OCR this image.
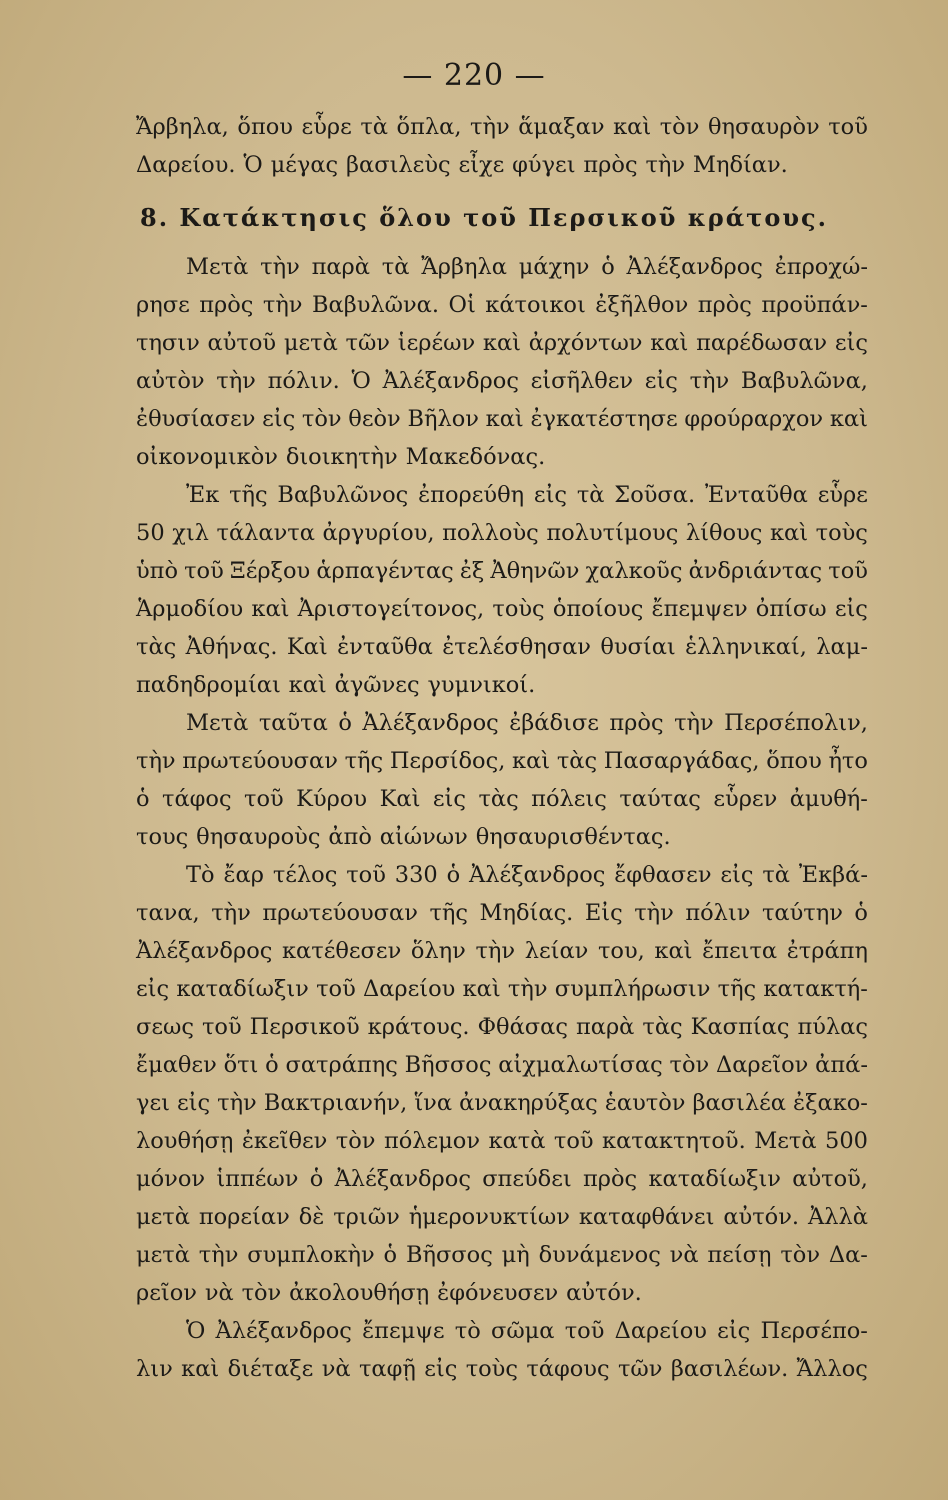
— 220 —
Ἄρβηλα, ὅπου εὗρε τὰ ὅπλα, τὴν ἅμαξαν καὶ τὸν θησαυρὸν τοῦ
Δαρείου. Ὁ μέγας βασιλεὺς εἶχε φύγει πρὸς τὴν Μηδίαν.
8. Κατάκτησις ὅλου τοῦ Περσικοῦ κράτους.
Μετὰ τὴν παρὰ τὰ Ἄρβηλα μάχην ὁ Ἀλέξανδρος ἐπροχώ-
ρησε πρὸς τὴν Βαβυλῶνα. Οἱ κάτοικοι ἐξῆλθον πρὸς προϋπάν-
τησιν αὐτοῦ μετὰ τῶν ἱερέων καὶ ἀρχόντων καὶ παρέδωσαν εἰς
αὐτὸν τὴν πόλιν. Ὁ Ἀλέξανδρος εἰσῆλθεν εἰς τὴν Βαβυλῶνα,
ἐθυσίασεν εἰς τὸν θεὸν Βῆλον καὶ ἐγκατέστησε φρούραρχον καὶ
οἰκονομικὸν διοικητὴν Μακεδόνας.
Ἐκ τῆς Βαβυλῶνος ἐπορεύθη εἰς τὰ Σοῦσα. Ἐνταῦθα εὗρε
50 χιλ τάλαντα ἀργυρίου, πολλοὺς πολυτίμους λίθους καὶ τοὺς
ὑπὸ τοῦ Ξέρξου ἁρπαγέντας ἐξ Ἀθηνῶν χαλκοῦς ἀνδριάντας τοῦ
Ἁρμοδίου καὶ Ἀριστογείτονος, τοὺς ὁποίους ἔπεμψεν ὀπίσω εἰς
τὰς Ἀθήνας. Καὶ ἐνταῦθα ἐτελέσθησαν θυσίαι ἑλληνικαί, λαμ-
παδηδρομίαι καὶ ἀγῶνες γυμνικοί.
Μετὰ ταῦτα ὁ Ἀλέξανδρος ἐβάδισε πρὸς τὴν Περσέπολιν,
τὴν πρωτεύουσαν τῆς Περσίδος, καὶ τὰς Πασαργάδας, ὅπου ἦτο
ὁ τάφος τοῦ Κύρου Καὶ εἰς τὰς πόλεις ταύτας εὗρεν ἀμυθή-
τους θησαυροὺς ἀπὸ αἰώνων θησαυρισθέντας.
Τὸ ἔαρ τέλος τοῦ 330 ὁ Ἀλέξανδρος ἔφθασεν εἰς τὰ Ἐκβά-
τανα, τὴν πρωτεύουσαν τῆς Μηδίας. Εἰς τὴν πόλιν ταύτην ὁ
Ἀλέξανδρος κατέθεσεν ὅλην τὴν λείαν του, καὶ ἔπειτα ἐτράπη
εἰς καταδίωξιν τοῦ Δαρείου καὶ τὴν συμπλήρωσιν τῆς κατακτή-
σεως τοῦ Περσικοῦ κράτους. Φθάσας παρὰ τὰς Κασπίας πύλας
ἔμαθεν ὅτι ὁ σατράπης Βῆσσος αἰχμαλωτίσας τὸν Δαρεῖον ἀπά-
γει εἰς τὴν Βακτριανήν, ἵνα ἀνακηρύξας ἑαυτὸν βασιλέα ἐξακο-
λουθήσῃ ἐκεῖθεν τὸν πόλεμον κατὰ τοῦ κατακτητοῦ. Μετὰ 500
μόνον ἱππέων ὁ Ἀλέξανδρος σπεύδει πρὸς καταδίωξιν αὐτοῦ,
μετὰ πορείαν δὲ τριῶν ἡμερονυκτίων καταφθάνει αὐτόν. Ἀλλὰ
μετὰ τὴν συμπλοκὴν ὁ Βῆσσος μὴ δυνάμενος νὰ πείσῃ τὸν Δα-
ρεῖον νὰ τὸν ἀκολουθήσῃ ἐφόνευσεν αὐτόν.
Ὁ Ἀλέξανδρος ἔπεμψε τὸ σῶμα τοῦ Δαρείου εἰς Περσέπο-
λιν καὶ διέταξε νὰ ταφῇ εἰς τοὺς τάφους τῶν βασιλέων. Ἄλλος
